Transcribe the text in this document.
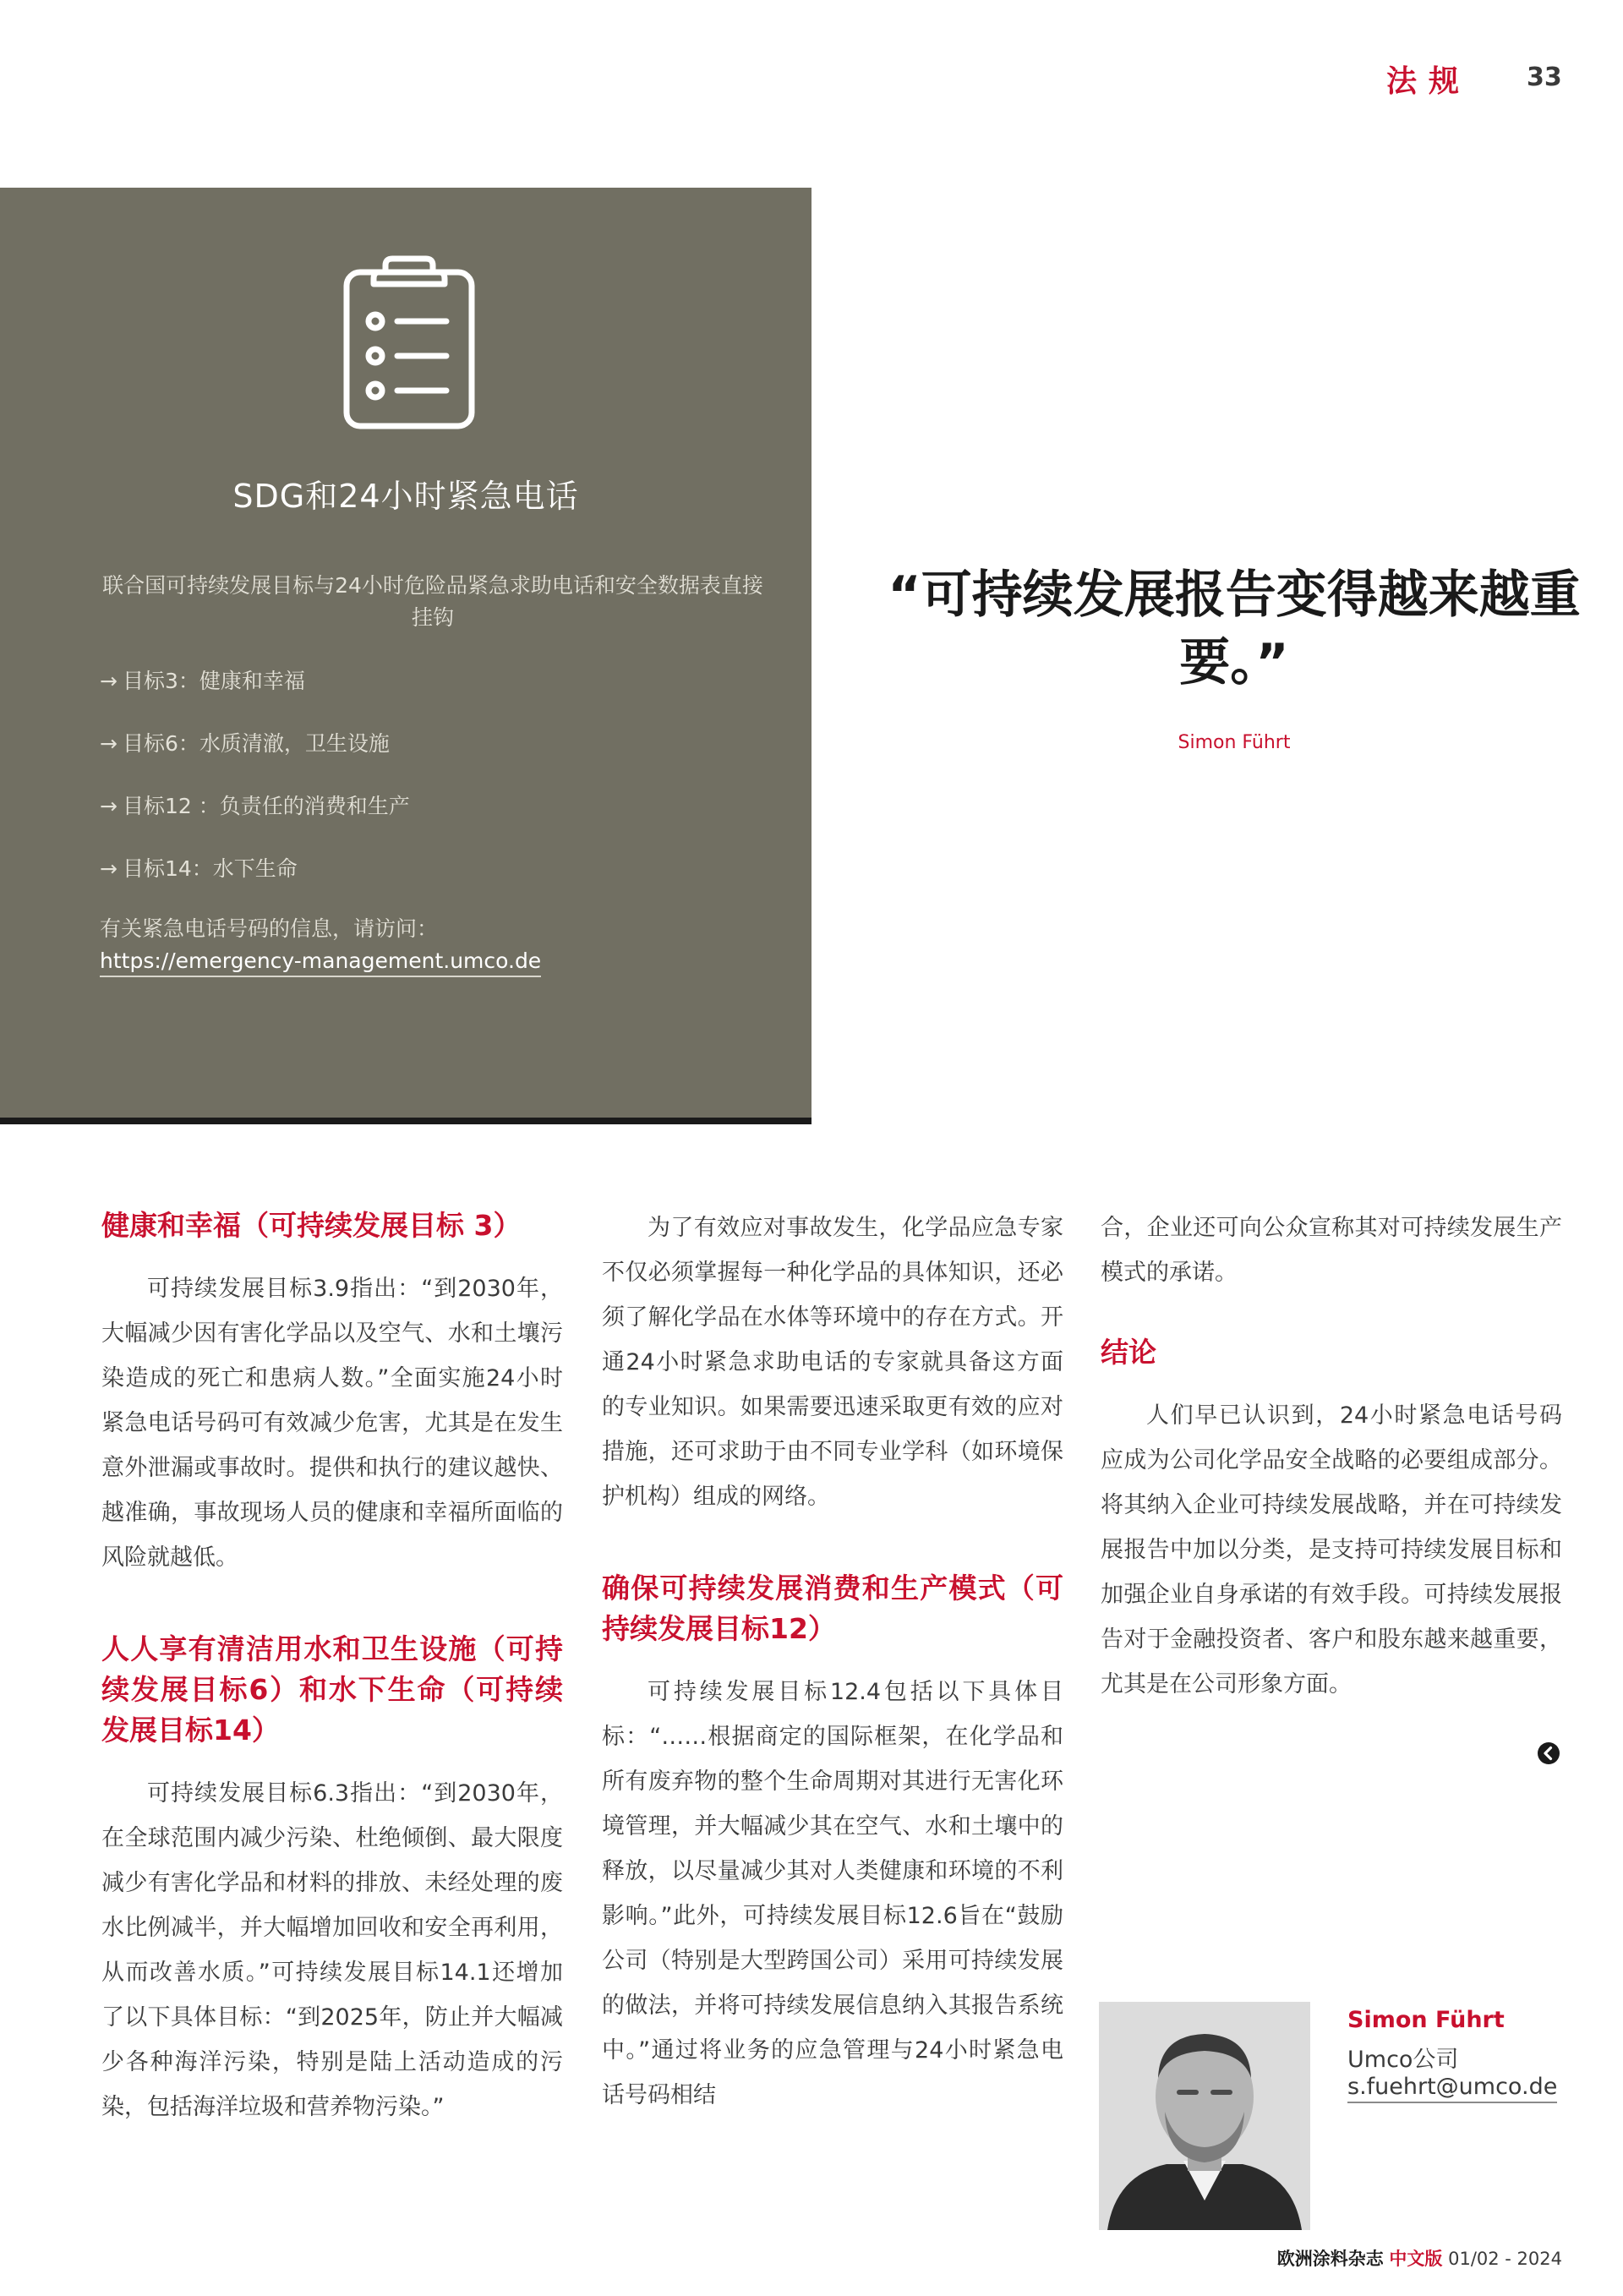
法规 33
SDG和24小时紧急电话
联合国可持续发展目标与24小时危险品紧急求助电话和安全数据表直接挂钩
→ 目标3：健康和幸福
→ 目标6：水质清澈，卫生设施
→ 目标12 ：负责任的消费和生产
→ 目标14：水下生命
有关紧急电话号码的信息，请访问：
https://emergency-management.umco.de
“可持续发展报告变得越来越重要。”
Simon Führt
健康和幸福（可持续发展目标 3）

可持续发展目标3.9指出：“到2030年，大幅减少因有害化学品以及空气、水和土壤污染造成的死亡和患病人数。”全面实施24小时紧急电话号码可有效减少危害，尤其是在发生意外泄漏或事故时。提供和执行的建议越快、越准确，事故现场人员的健康和幸福所面临的风险就越低。

人人享有清洁用水和卫生设施（可持续发展目标6）和水下生命（可持续发展目标14）

可持续发展目标6.3指出：“到2030年，在全球范围内减少污染、杜绝倾倒、最大限度减少有害化学品和材料的排放、未经处理的废水比例减半，并大幅增加回收和安全再利用，从而改善水质。”可持续发展目标14.1还增加了以下具体目标：“到2025年，防止并大幅减少各种海洋污染，特别是陆上活动造成的污染，包括海洋垃圾和营养物污染。”

为了有效应对事故发生，化学品应急专家不仅必须掌握每一种化学品的具体知识，还必须了解化学品在水体等环境中的存在方式。开通24小时紧急求助电话的专家就具备这方面的专业知识。如果需要迅速采取更有效的应对措施，还可求助于由不同专业学科（如环境保护机构）组成的网络。

确保可持续发展消费和生产模式（可持续发展目标12）

可持续发展目标12.4包括以下具体目标：“……根据商定的国际框架，在化学品和所有废弃物的整个生命周期对其进行无害化环境管理，并大幅减少其在空气、水和土壤中的释放，以尽量减少其对人类健康和环境的不利影响。”此外，可持续发展目标12.6旨在“鼓励公司（特别是大型跨国公司）采用可持续发展的做法，并将可持续发展信息纳入其报告系统中。”通过将业务的应急管理与24小时紧急电话号码相结

合，企业还可向公众宣称其对可持续发展生产模式的承诺。

结论

人们早已认识到，24小时紧急电话号码应成为公司化学品安全战略的必要组成部分。将其纳入企业可持续发展战略，并在可持续发展报告中加以分类，是支持可持续发展目标和加强企业自身承诺的有效手段。可持续发展报告对于金融投资者、客户和股东越来越重要，尤其是在公司形象方面。

Simon Führt
Umco公司
s.fuehrt@umco.de
欧洲涂料杂志 中文版 01/02 - 2024
